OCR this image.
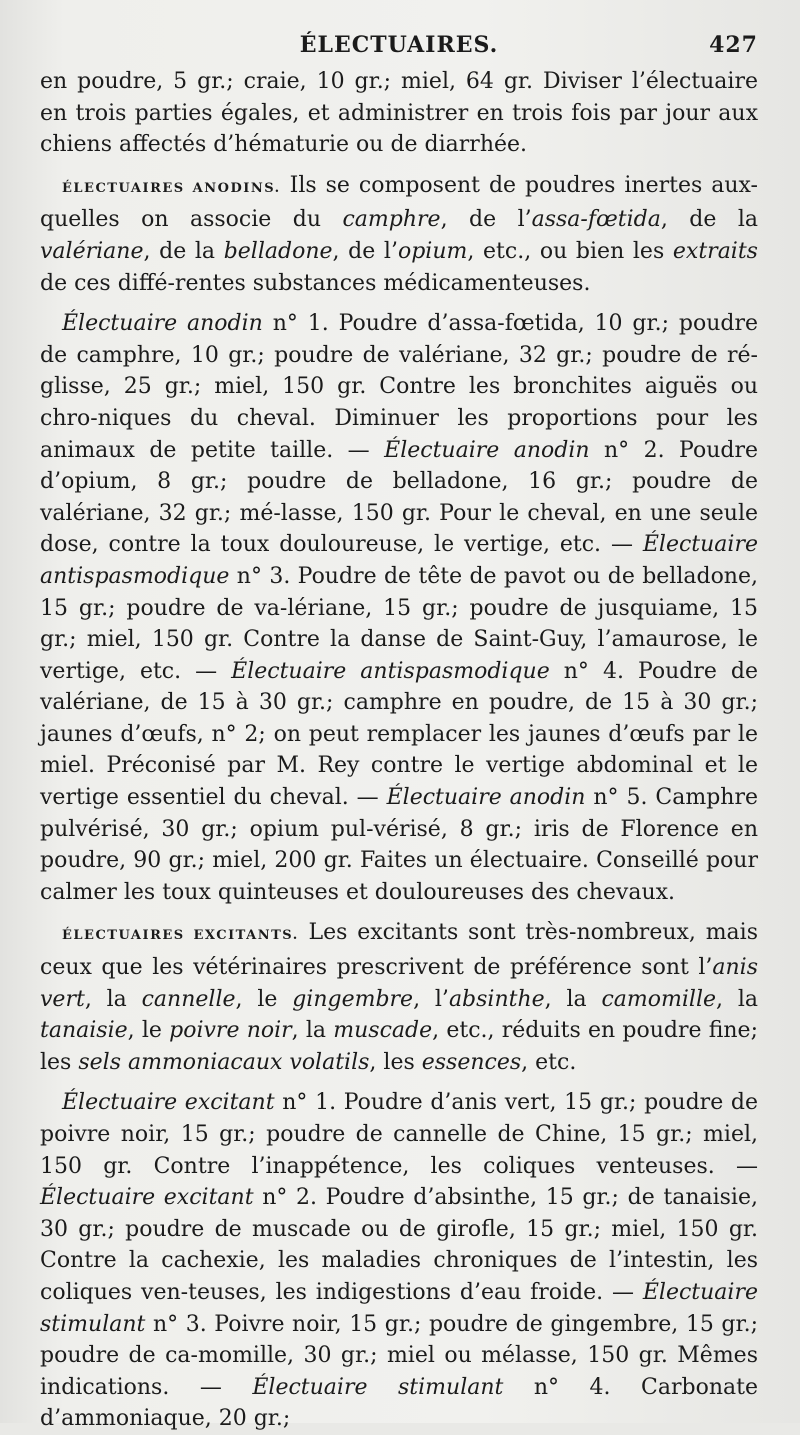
ÉLECTUAIRES.	427

en poudre, 5 gr.; craie, 10 gr.; miel, 64 gr. Diviser l’électuaire en trois parties égales, et administrer en trois fois par jour aux chiens affectés d’hématurie ou de diarrhée.

ÉLECTUAIRES ANODINS. Ils se composent de poudres inertes aux-quelles on associe du camphre, de l’assa-fœtida, de la valériane, de la belladone, de l’opium, etc., ou bien les extraits de ces diffé-rentes substances médicamenteuses.

Électuaire anodin n° 1. Poudre d’assa-fœtida, 10 gr.; poudre de camphre, 10 gr.; poudre de valériane, 32 gr.; poudre de ré-glisse, 25 gr.; miel, 150 gr. Contre les bronchites aiguës ou chro-niques du cheval. Diminuer les proportions pour les animaux de petite taille. — Électuaire anodin n° 2. Poudre d’opium, 8 gr.; poudre de belladone, 16 gr.; poudre de valériane, 32 gr.; mé-lasse, 150 gr. Pour le cheval, en une seule dose, contre la toux douloureuse, le vertige, etc. — Électuaire antispasmodique n° 3. Poudre de tête de pavot ou de belladone, 15 gr.; poudre de va-lériane, 15 gr.; poudre de jusquiame, 15 gr.; miel, 150 gr. Contre la danse de Saint-Guy, l’amaurose, le vertige, etc. — Électuaire antispasmodique n° 4. Poudre de valériane, de 15 à 30 gr.; camphre en poudre, de 15 à 30 gr.; jaunes d’œufs, n° 2; on peut remplacer les jaunes d’œufs par le miel. Préconisé par M. Rey contre le vertige abdominal et le vertige essentiel du cheval. — Électuaire anodin n° 5. Camphre pulvérisé, 30 gr.; opium pul-vérisé, 8 gr.; iris de Florence en poudre, 90 gr.; miel, 200 gr. Faites un électuaire. Conseillé pour calmer les toux quinteuses et douloureuses des chevaux.

ÉLECTUAIRES EXCITANTS. Les excitants sont très-nombreux, mais ceux que les vétérinaires prescrivent de préférence sont l’anis vert, la cannelle, le gingembre, l’absinthe, la camomille, la tanaisie, le poivre noir, la muscade, etc., réduits en poudre fine; les sels ammoniacaux volatils, les essences, etc.

Électuaire excitant n° 1. Poudre d’anis vert, 15 gr.; poudre de poivre noir, 15 gr.; poudre de cannelle de Chine, 15 gr.; miel, 150 gr. Contre l’inappétence, les coliques venteuses. — Électuaire excitant n° 2. Poudre d’absinthe, 15 gr.; de tanaisie, 30 gr.; poudre de muscade ou de girofle, 15 gr.; miel, 150 gr. Contre la cachexie, les maladies chroniques de l’intestin, les coliques ven-teuses, les indigestions d’eau froide. — Électuaire stimulant n° 3. Poivre noir, 15 gr.; poudre de gingembre, 15 gr.; poudre de ca-momille, 30 gr.; miel ou mélasse, 150 gr. Mêmes indications. — Électuaire stimulant n° 4. Carbonate d’ammoniaque, 20 gr.;
